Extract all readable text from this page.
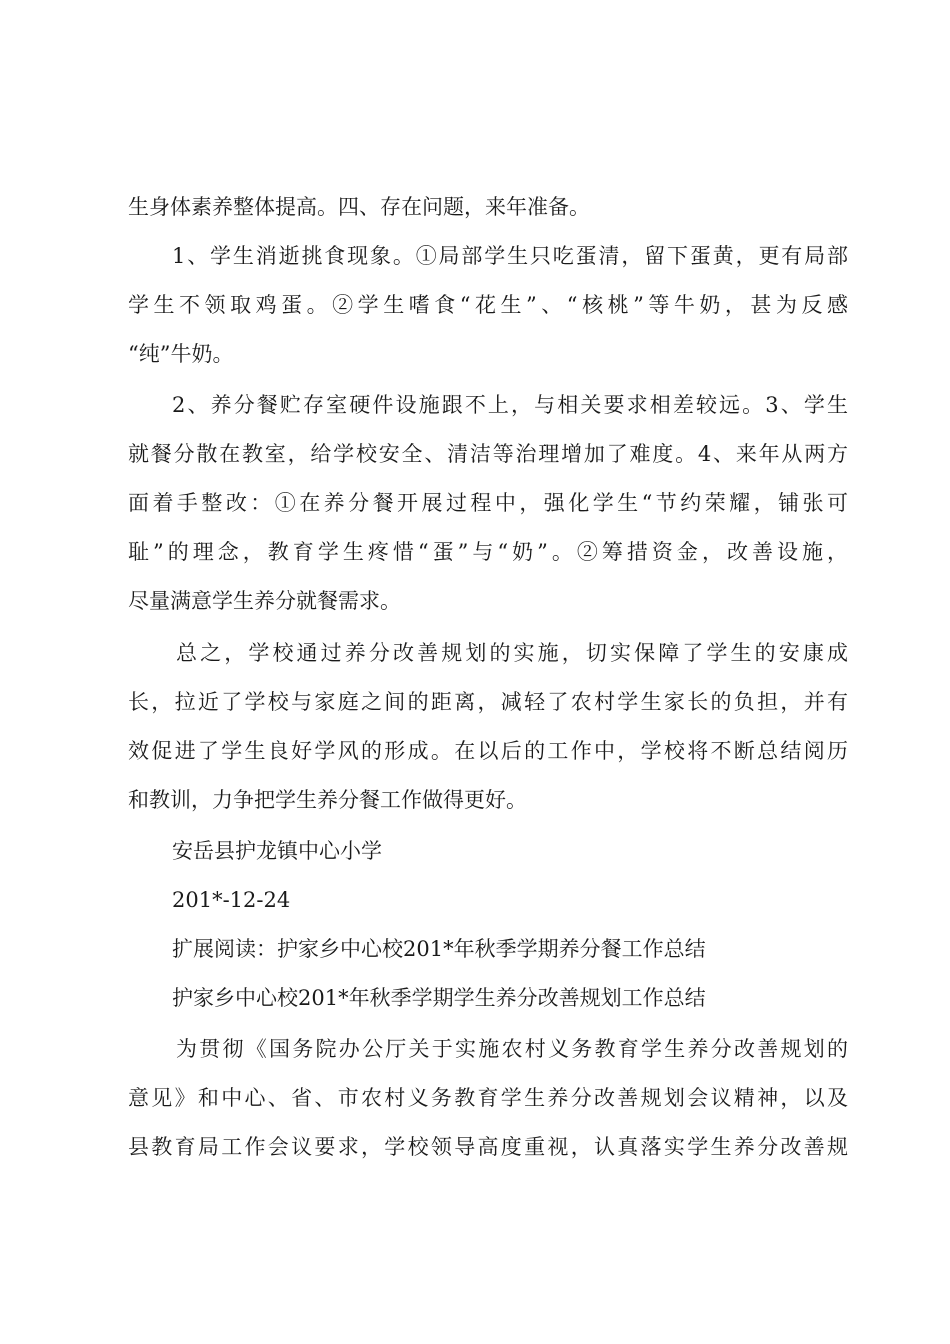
生身体素养整体提高。四、存在问题，来年准备。
1、学生消逝挑食现象。①局部学生只吃蛋清，留下蛋黄，更有局部
学生不领取鸡蛋。②学生嗜食“花生”、“核桃”等牛奶，甚为反感
“纯”牛奶。
2、养分餐贮存室硬件设施跟不上，与相关要求相差较远。3、学生
就餐分散在教室，给学校安全、清洁等治理增加了难度。4、来年从两方
面着手整改：①在养分餐开展过程中，强化学生“节约荣耀，铺张可
耻”的理念，教育学生疼惜“蛋”与“奶”。②筹措资金，改善设施，
尽量满意学生养分就餐需求。
总之，学校通过养分改善规划的实施，切实保障了学生的安康成
长，拉近了学校与家庭之间的距离，减轻了农村学生家长的负担，并有
效促进了学生良好学风的形成。在以后的工作中，学校将不断总结阅历
和教训，力争把学生养分餐工作做得更好。
安岳县护龙镇中心小学
201*-12-24
扩展阅读：护家乡中心校201*年秋季学期养分餐工作总结
护家乡中心校201*年秋季学期学生养分改善规划工作总结
为贯彻《国务院办公厅关于实施农村义务教育学生养分改善规划的
意见》和中心、省、市农村义务教育学生养分改善规划会议精神，以及
县教育局工作会议要求，学校领导高度重视，认真落实学生养分改善规
